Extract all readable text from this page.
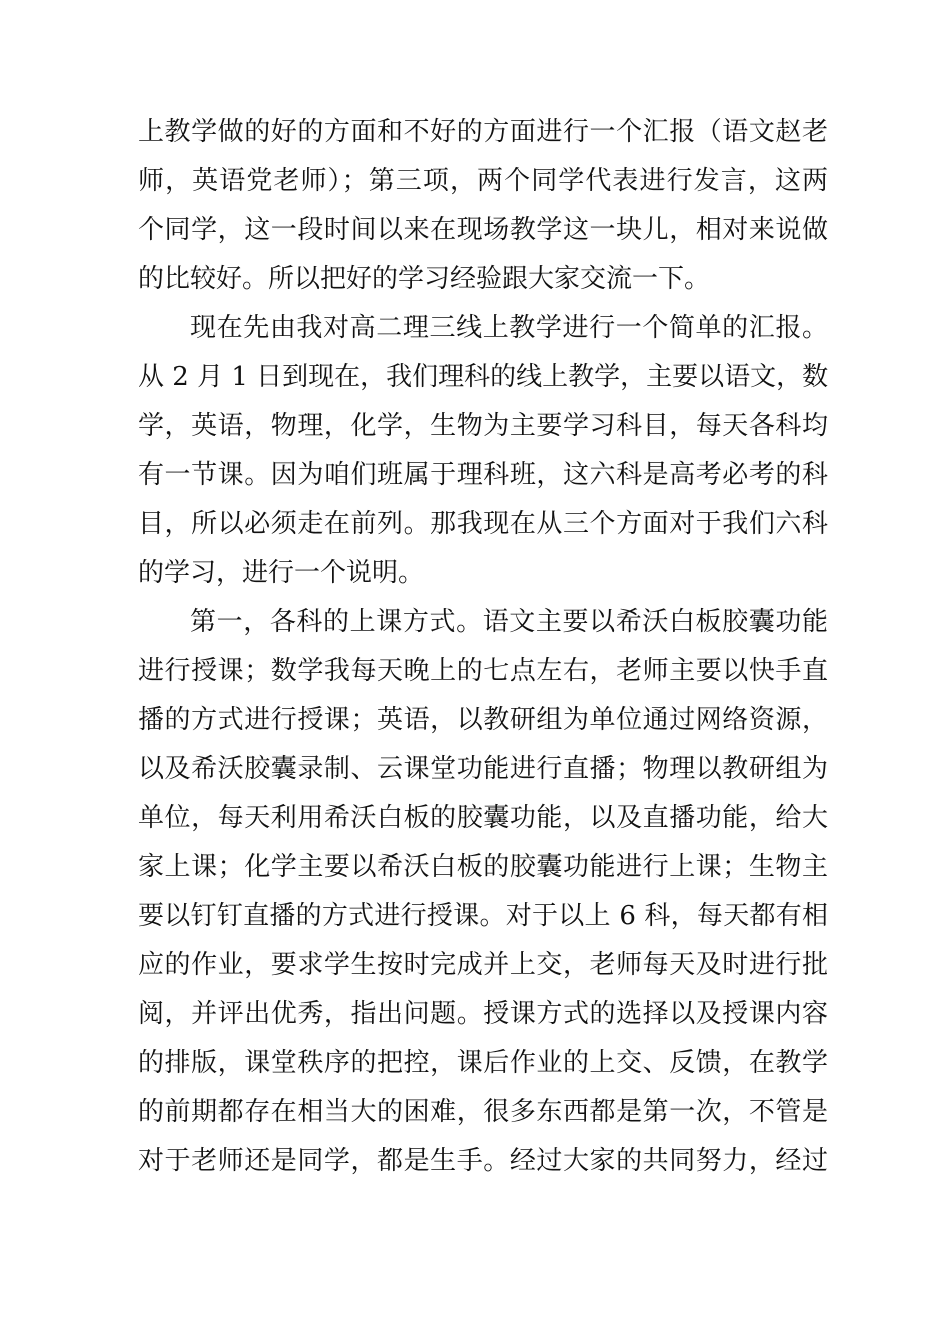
上教学做的好的方面和不好的方面进行一个汇报（语文赵老
师，英语党老师）；第三项，两个同学代表进行发言，这两
个同学，这一段时间以来在现场教学这一块儿，相对来说做
的比较好。所以把好的学习经验跟大家交流一下。
现在先由我对高二理三线上教学进行一个简单的汇报。
从 2 月 1 日到现在，我们理科的线上教学，主要以语文，数
学，英语，物理，化学，生物为主要学习科目，每天各科均
有一节课。因为咱们班属于理科班，这六科是高考必考的科
目，所以必须走在前列。那我现在从三个方面对于我们六科
的学习，进行一个说明。
第一，各科的上课方式。语文主要以希沃白板胶囊功能
进行授课；数学我每天晚上的七点左右，老师主要以快手直
播的方式进行授课；英语，以教研组为单位通过网络资源，
以及希沃胶囊录制、云课堂功能进行直播；物理以教研组为
单位，每天利用希沃白板的胶囊功能，以及直播功能，给大
家上课；化学主要以希沃白板的胶囊功能进行上课；生物主
要以钉钉直播的方式进行授课。对于以上 6 科，每天都有相
应的作业，要求学生按时完成并上交，老师每天及时进行批
阅，并评出优秀，指出问题。授课方式的选择以及授课内容
的排版，课堂秩序的把控，课后作业的上交、反馈，在教学
的前期都存在相当大的困难，很多东西都是第一次，不管是
对于老师还是同学，都是生手。经过大家的共同努力，经过
